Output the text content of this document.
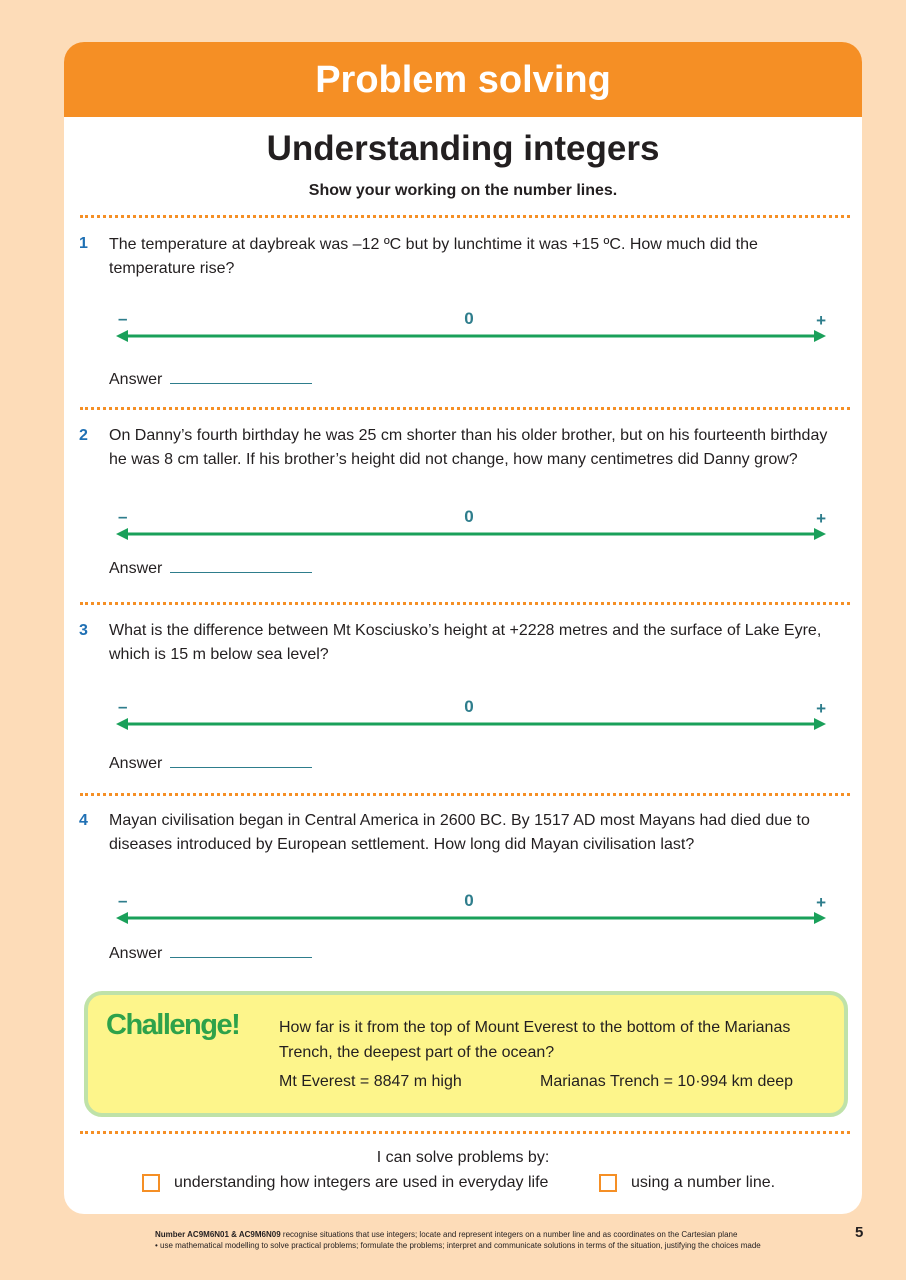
Problem solving
Understanding integers
Show your working on the number lines.
1 The temperature at daybreak was –12 ºC but by lunchtime it was +15 ºC. How much did the temperature rise?
–	0	+
Answer
2 On Danny’s fourth birthday he was 25 cm shorter than his older brother, but on his fourteenth birthday he was 8 cm taller. If his brother’s height did not change, how many centimetres did Danny grow?
–	0	+
Answer
3 What is the difference between Mt Kosciusko’s height at +2228 metres and the surface of Lake Eyre, which is 15 m below sea level?
–	0	+
Answer
4 Mayan civilisation began in Central America in 2600 BC. By 1517 AD most Mayans had died due to diseases introduced by European settlement. How long did Mayan civilisation last?
–	0	+
Answer
Challenge! How far is it from the top of Mount Everest to the bottom of the Marianas Trench, the deepest part of the ocean?
Mt Everest = 8847 m high	Marianas Trench = 10·994 km deep
I can solve problems by:
understanding how integers are used in everyday life	using a number line.
Number AC9M6N01 & AC9M6N09 recognise situations that use integers; locate and represent integers on a number line and as coordinates on the Cartesian plane
• use mathematical modelling to solve practical problems; formulate the problems; interpret and communicate solutions in terms of the situation, justifying the choices made
5
